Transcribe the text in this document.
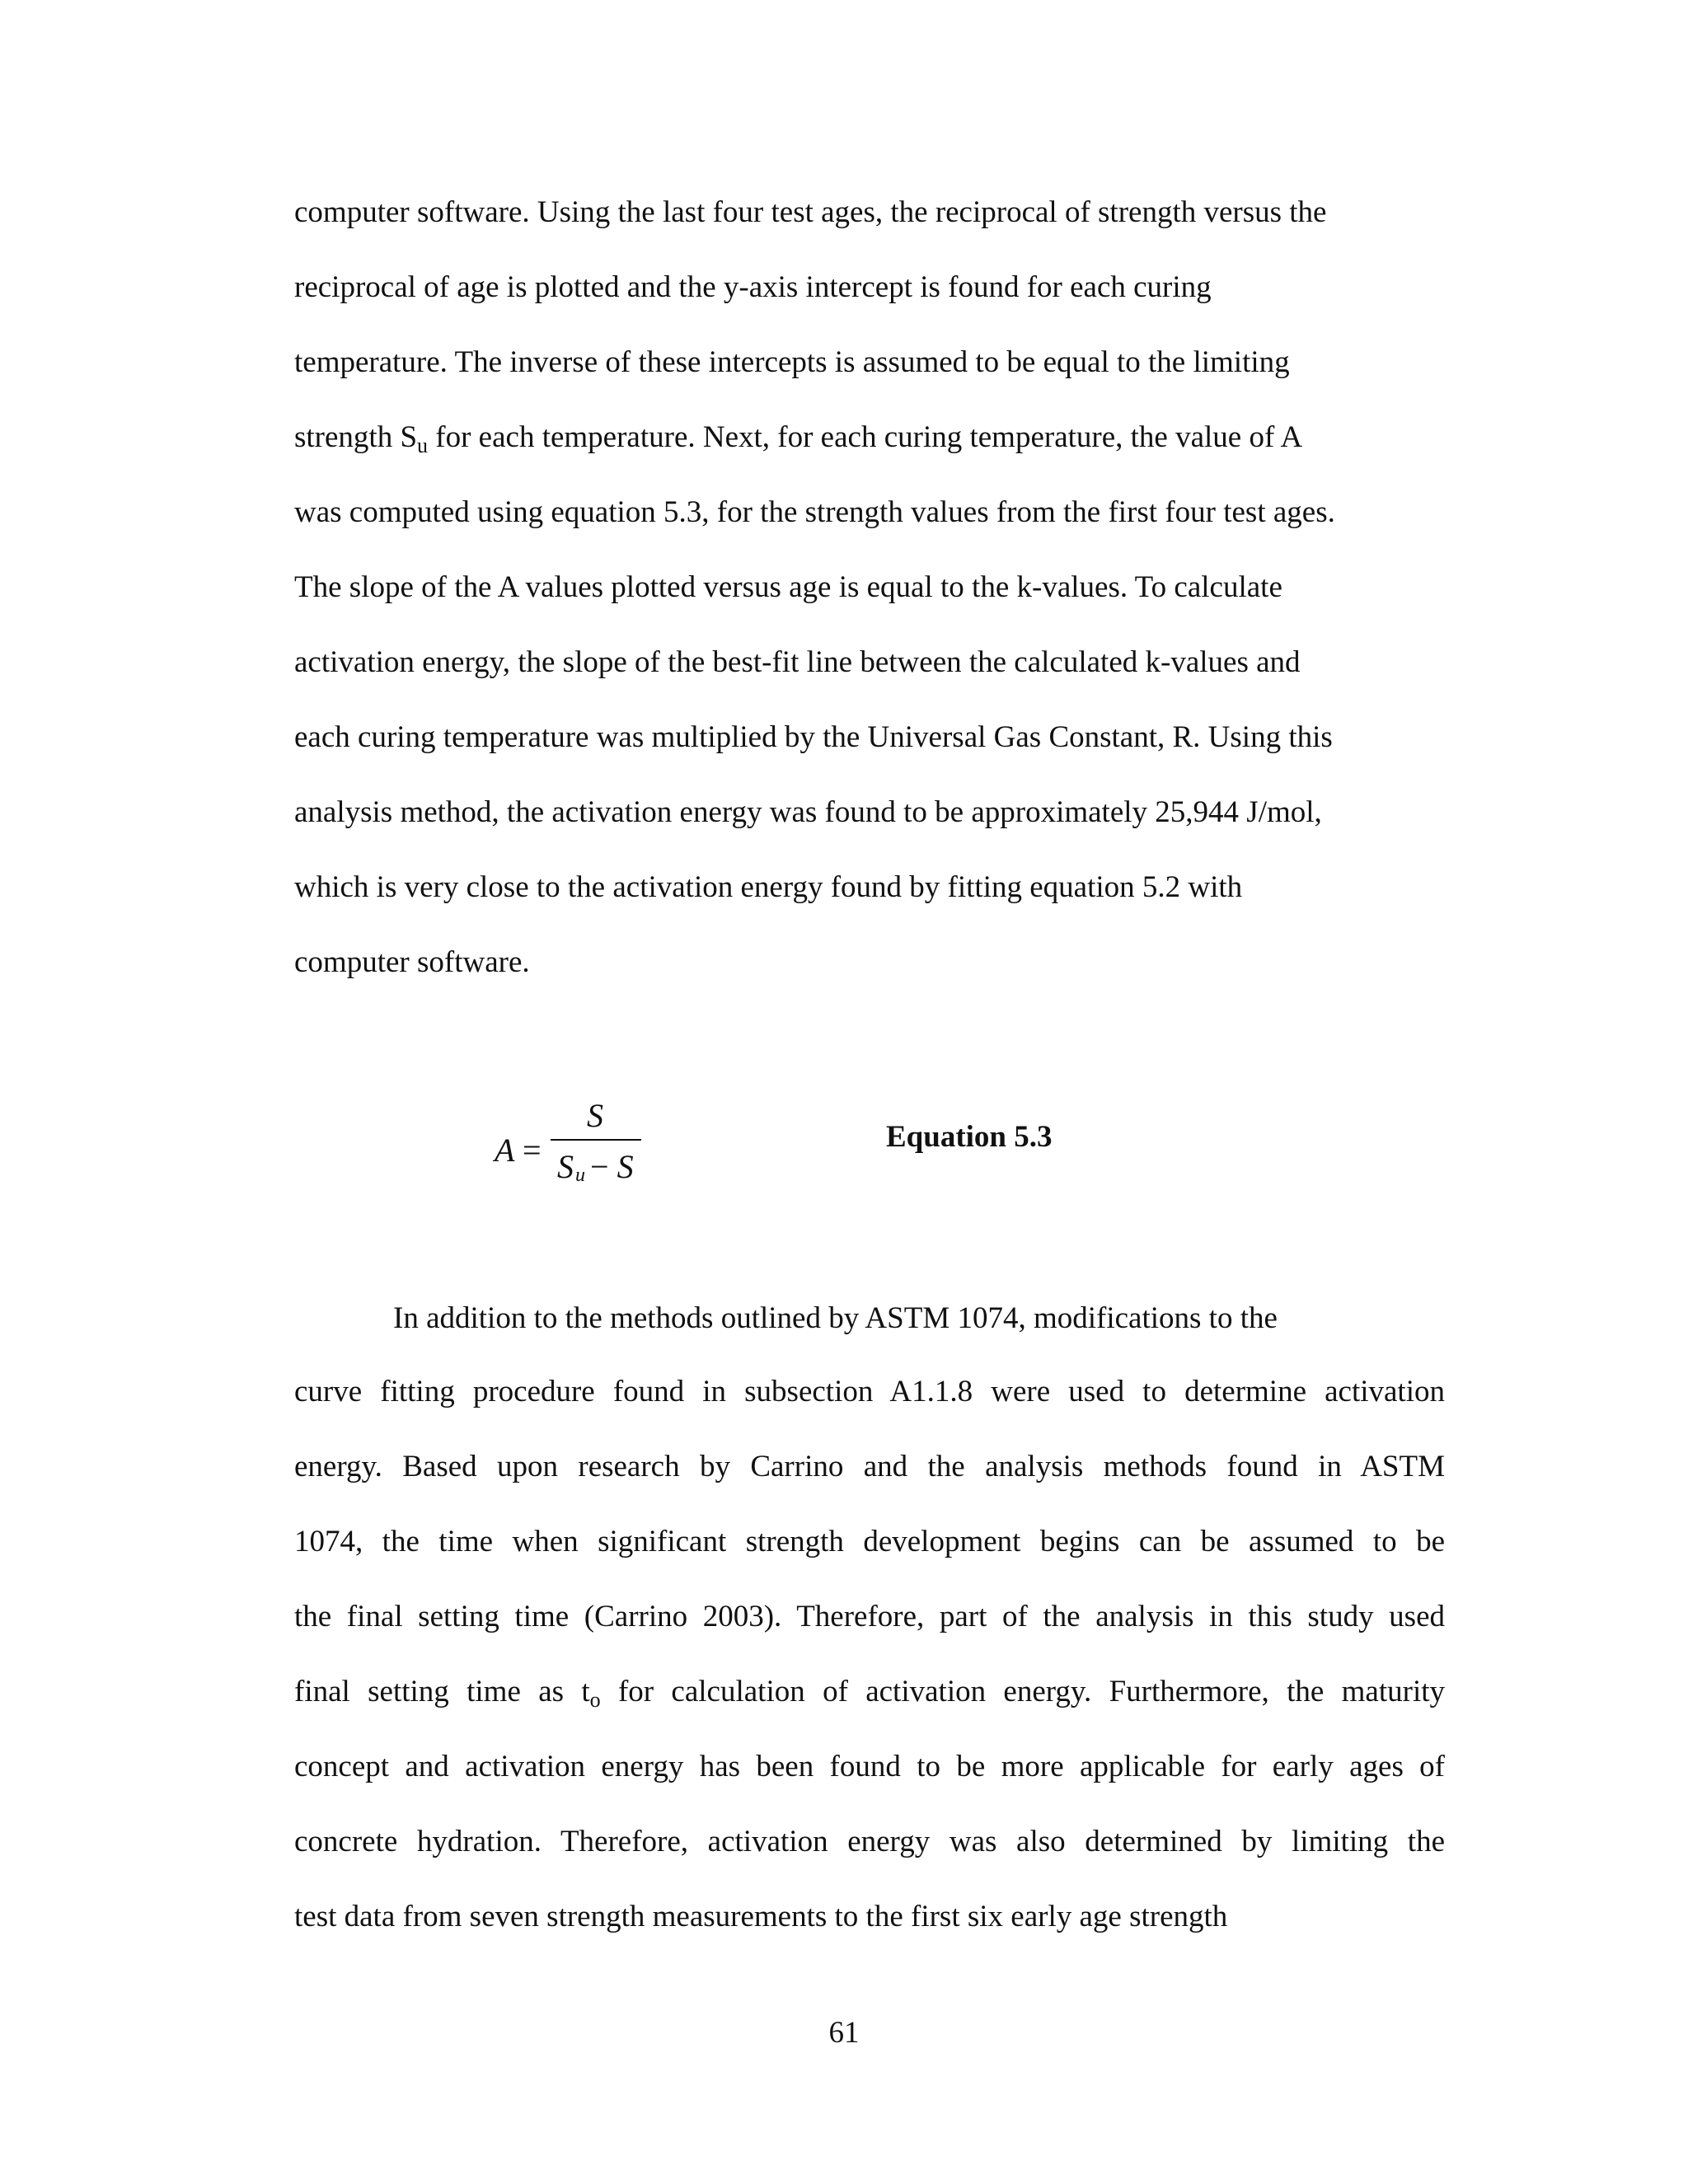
computer software. Using the last four test ages, the reciprocal of strength versus the

reciprocal of age is plotted and the y-axis intercept is found for each curing

temperature. The inverse of these intercepts is assumed to be equal to the limiting

strength $S_u$ for each temperature. Next, for each curing temperature, the value of A

was computed using equation 5.3, for the strength values from the first four test ages.

The slope of the A values plotted versus age is equal to the k-values. To calculate

activation energy, the slope of the best-fit line between the calculated k-values and

each curing temperature was multiplied by the Universal Gas Constant, R. Using this

analysis method, the activation energy was found to be approximately 25,944 J/mol,

which is very close to the activation energy found by fitting equation 5.2 with

computer software.

A =
S
Su − S
Equation 5.3

In addition to the methods outlined by ASTM 1074, modifications to the

curve fitting procedure found in subsection A1.1.8 were used to determine activation

energy. Based upon research by Carrino and the analysis methods found in ASTM

1074, the time when significant strength development begins can be assumed to be

the final setting time (Carrino 2003). Therefore, part of the analysis in this study used

final setting time as $t_o$ for calculation of activation energy. Furthermore, the maturity

concept and activation energy has been found to be more applicable for early ages of

concrete hydration. Therefore, activation energy was also determined by limiting the

test data from seven strength measurements to the first six early age strength

61
